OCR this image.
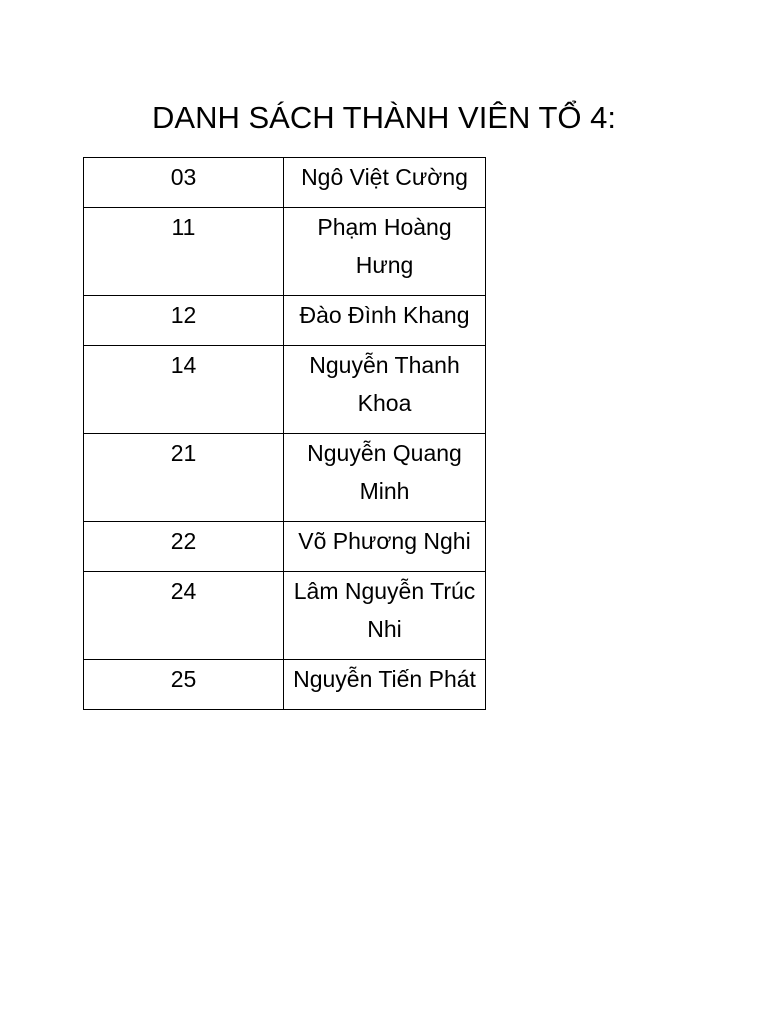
DANH SÁCH THÀNH VIÊN TỔ 4:
03	Ngô Việt Cường
11	Phạm Hoàng Hưng
12	Đào Đình Khang
14	Nguyễn Thanh Khoa
21	Nguyễn Quang Minh
22	Võ Phương Nghi
24	Lâm Nguyễn Trúc Nhi
25	Nguyễn Tiến Phát
